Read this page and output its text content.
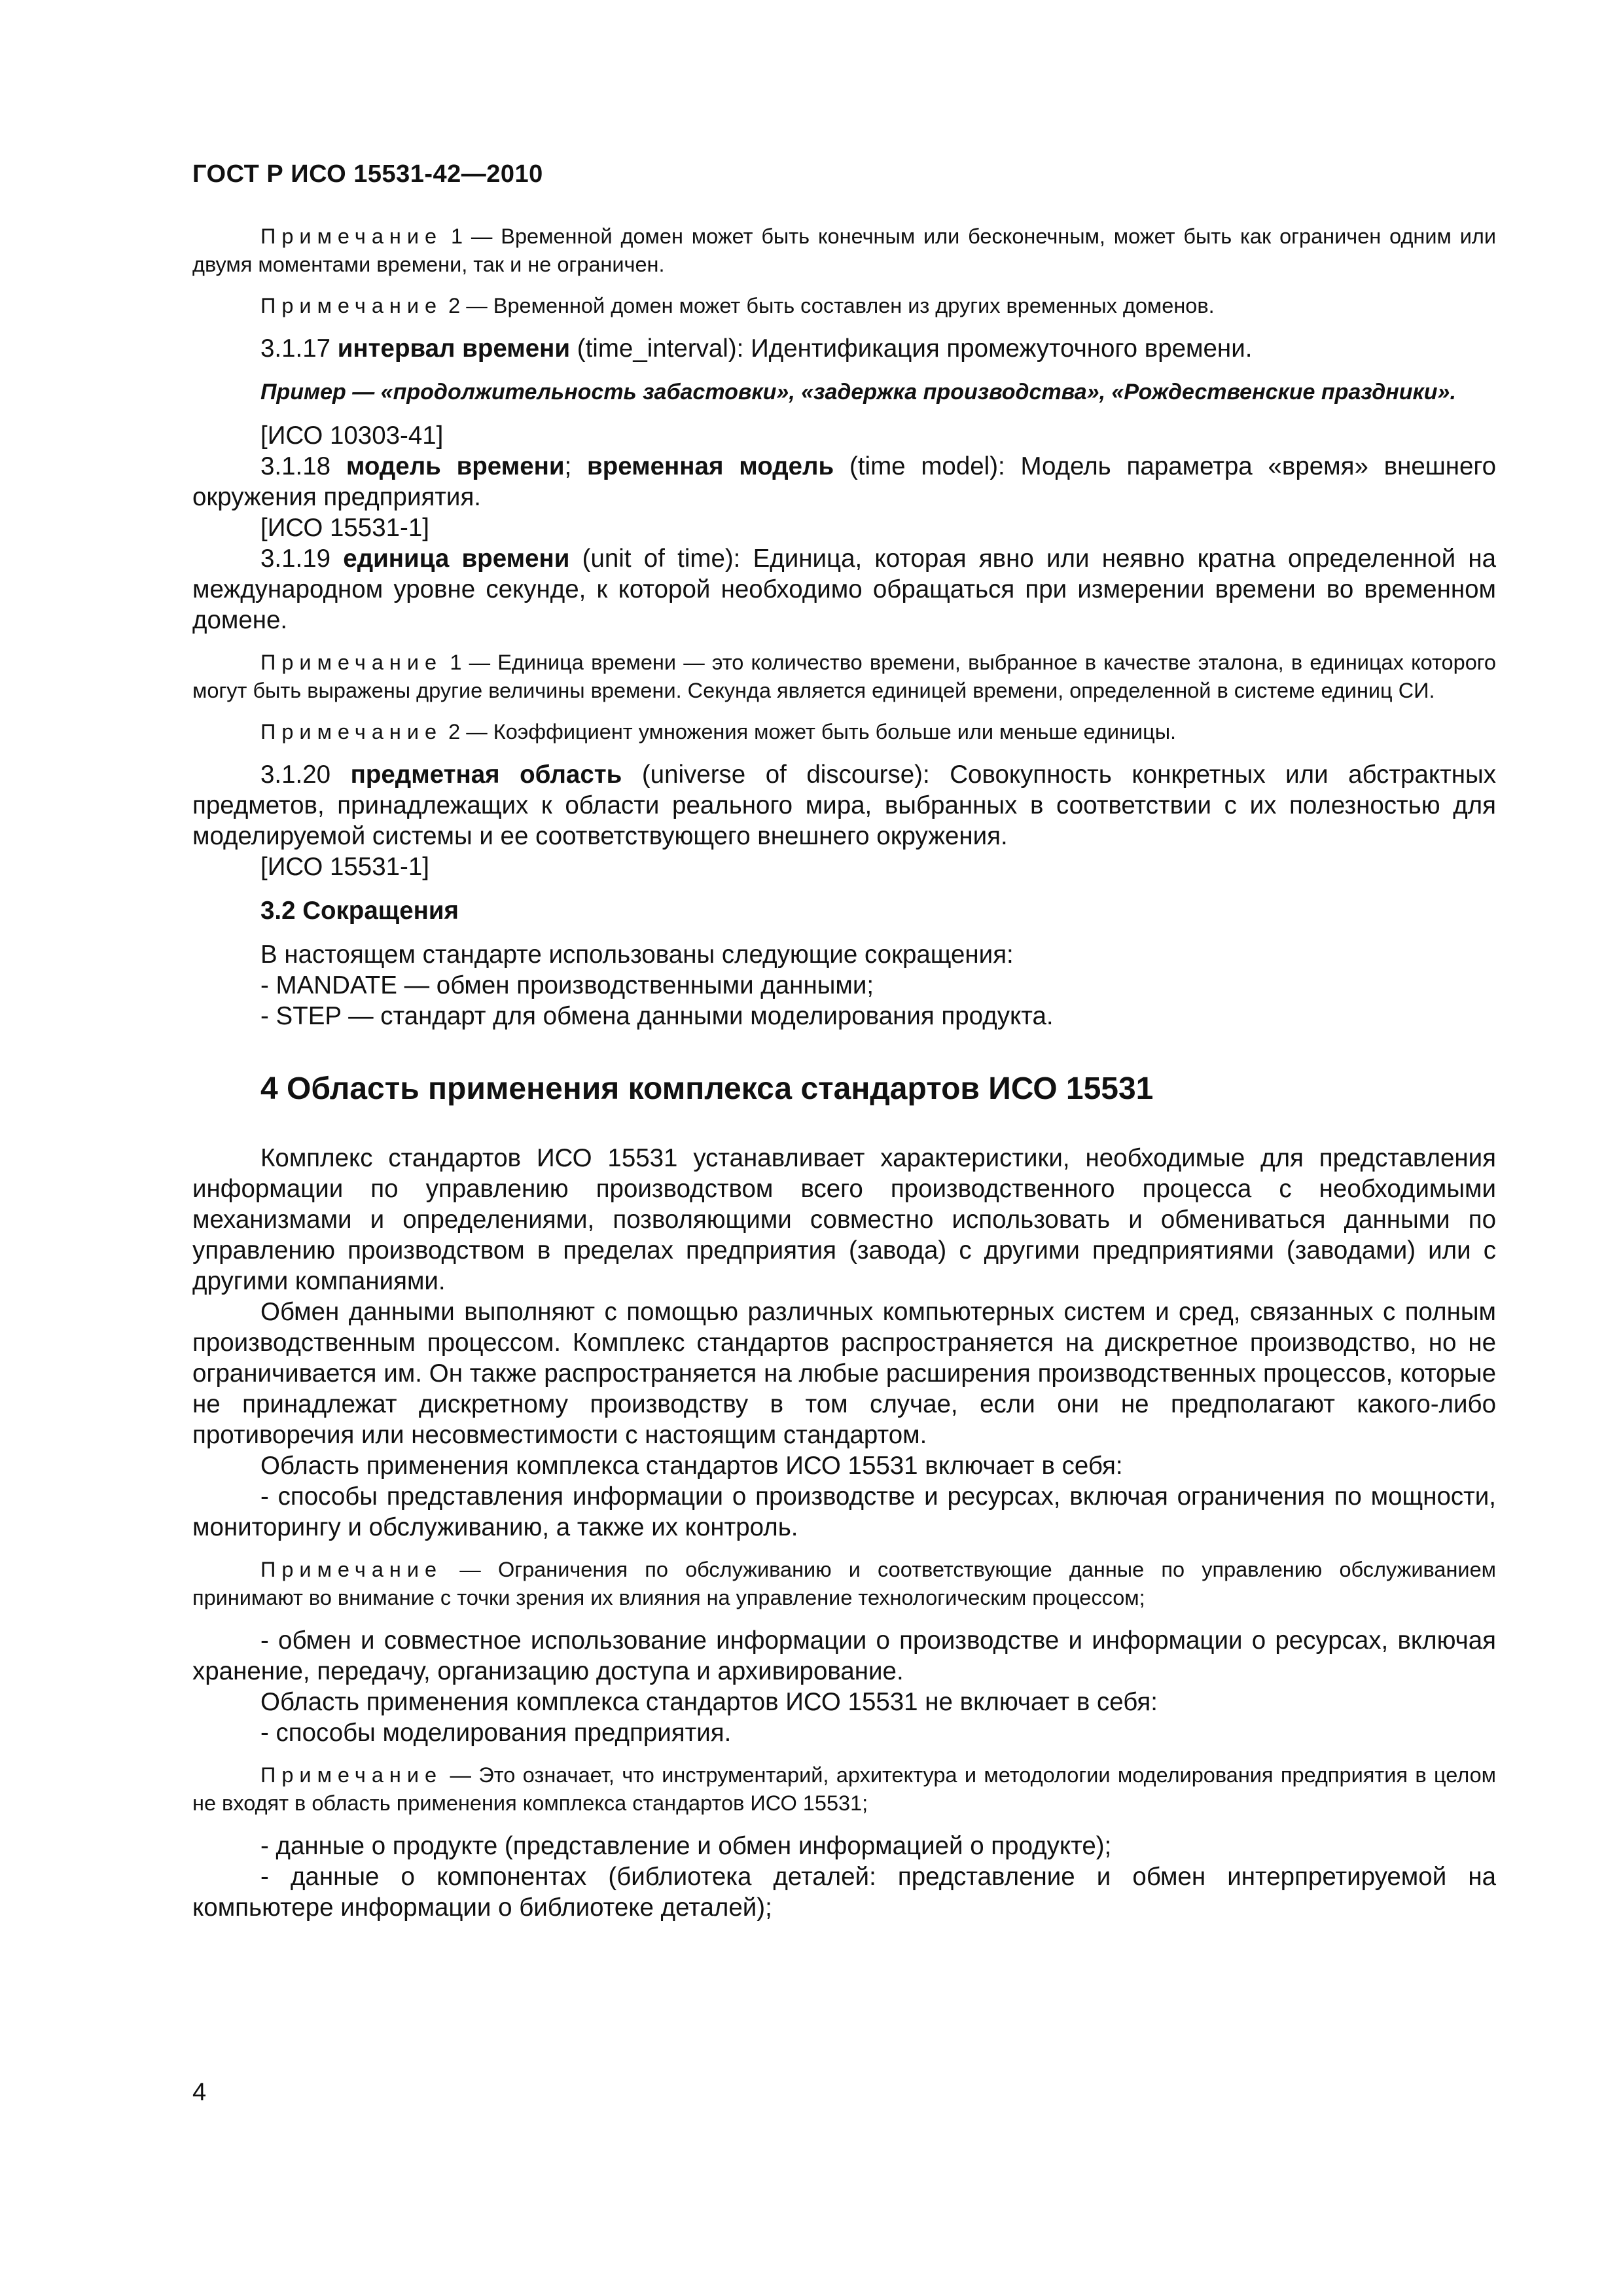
ГОСТ Р ИСО 15531-42—2010

Примечание 1 — Временной домен может быть конечным или бесконечным, может быть как ограничен одним или двумя моментами времени, так и не ограничен.

Примечание 2 — Временной домен может быть составлен из других временных доменов.

3.1.17 интервал времени (time_interval): Идентификация промежуточного времени.

Пример — «продолжительность забастовки», «задержка производства», «Рождественские праздники».

[ИСО 10303-41]

3.1.18 модель времени; временная модель (time model): Модель параметра «время» внешнего окружения предприятия.

[ИСО 15531-1]

3.1.19 единица времени (unit of time): Единица, которая явно или неявно кратна определенной на международном уровне секунде, к которой необходимо обращаться при измерении времени во временном домене.

Примечание 1 — Единица времени — это количество времени, выбранное в качестве эталона, в единицах которого могут быть выражены другие величины времени. Секунда является единицей времени, определенной в системе единиц СИ.

Примечание 2 — Коэффициент умножения может быть больше или меньше единицы.

3.1.20 предметная область (universe of discourse): Совокупность конкретных или абстрактных предметов, принадлежащих к области реального мира, выбранных в соответствии с их полезностью для моделируемой системы и ее соответствующего внешнего окружения.

[ИСО 15531-1]

3.2 Сокращения

В настоящем стандарте использованы следующие сокращения:

- MANDATE — обмен производственными данными;

- STEP — стандарт для обмена данными моделирования продукта.

4 Область применения комплекса стандартов ИСО 15531

Комплекс стандартов ИСО 15531 устанавливает характеристики, необходимые для представления информации по управлению производством всего производственного процесса с необходимыми механизмами и определениями, позволяющими совместно использовать и обмениваться данными по управлению производством в пределах предприятия (завода) с другими предприятиями (заводами) или с другими компаниями.

Обмен данными выполняют с помощью различных компьютерных систем и сред, связанных с полным производственным процессом. Комплекс стандартов распространяется на дискретное производство, но не ограничивается им. Он также распространяется на любые расширения производственных процессов, которые не принадлежат дискретному производству в том случае, если они не предполагают какого-либо противоречия или несовместимости с настоящим стандартом.

Область применения комплекса стандартов ИСО 15531 включает в себя:

- способы представления информации о производстве и ресурсах, включая ограничения по мощности, мониторингу и обслуживанию, а также их контроль.

Примечание — Ограничения по обслуживанию и соответствующие данные по управлению обслуживанием принимают во внимание с точки зрения их влияния на управление технологическим процессом;

- обмен и совместное использование информации о производстве и информации о ресурсах, включая хранение, передачу, организацию доступа и архивирование.

Область применения комплекса стандартов ИСО 15531 не включает в себя:

- способы моделирования предприятия.

Примечание — Это означает, что инструментарий, архитектура и методологии моделирования предприятия в целом не входят в область применения комплекса стандартов ИСО 15531;

- данные о продукте (представление и обмен информацией о продукте);

- данные о компонентах (библиотека деталей: представление и обмен интерпретируемой на компьютере информации о библиотеке деталей);

4
